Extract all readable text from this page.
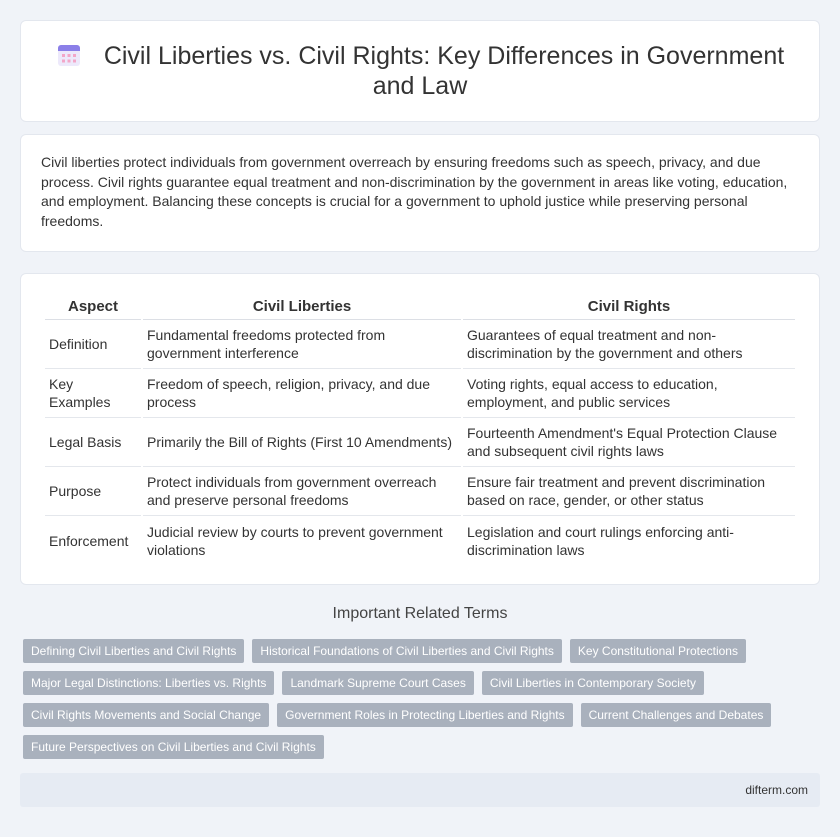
Civil Liberties vs. Civil Rights: Key Differences in Government and Law
Civil liberties protect individuals from government overreach by ensuring freedoms such as speech, privacy, and due process. Civil rights guarantee equal treatment and non-discrimination by the government in areas like voting, education, and employment. Balancing these concepts is crucial for a government to uphold justice while preserving personal freedoms.
Aspect	Civil Liberties	Civil Rights
Definition	Fundamental freedoms protected from government interference	Guarantees of equal treatment and non-discrimination by the government and others
Key Examples	Freedom of speech, religion, privacy, and due process	Voting rights, equal access to education, employment, and public services
Legal Basis	Primarily the Bill of Rights (First 10 Amendments)	Fourteenth Amendment's Equal Protection Clause and subsequent civil rights laws
Purpose	Protect individuals from government overreach and preserve personal freedoms	Ensure fair treatment and prevent discrimination based on race, gender, or other status
Enforcement	Judicial review by courts to prevent government violations	Legislation and court rulings enforcing anti-discrimination laws
Important Related Terms
Defining Civil Liberties and Civil Rights	Historical Foundations of Civil Liberties and Civil Rights	Key Constitutional Protections
Major Legal Distinctions: Liberties vs. Rights	Landmark Supreme Court Cases	Civil Liberties in Contemporary Society
Civil Rights Movements and Social Change	Government Roles in Protecting Liberties and Rights	Current Challenges and Debates
Future Perspectives on Civil Liberties and Civil Rights
difterm.com
